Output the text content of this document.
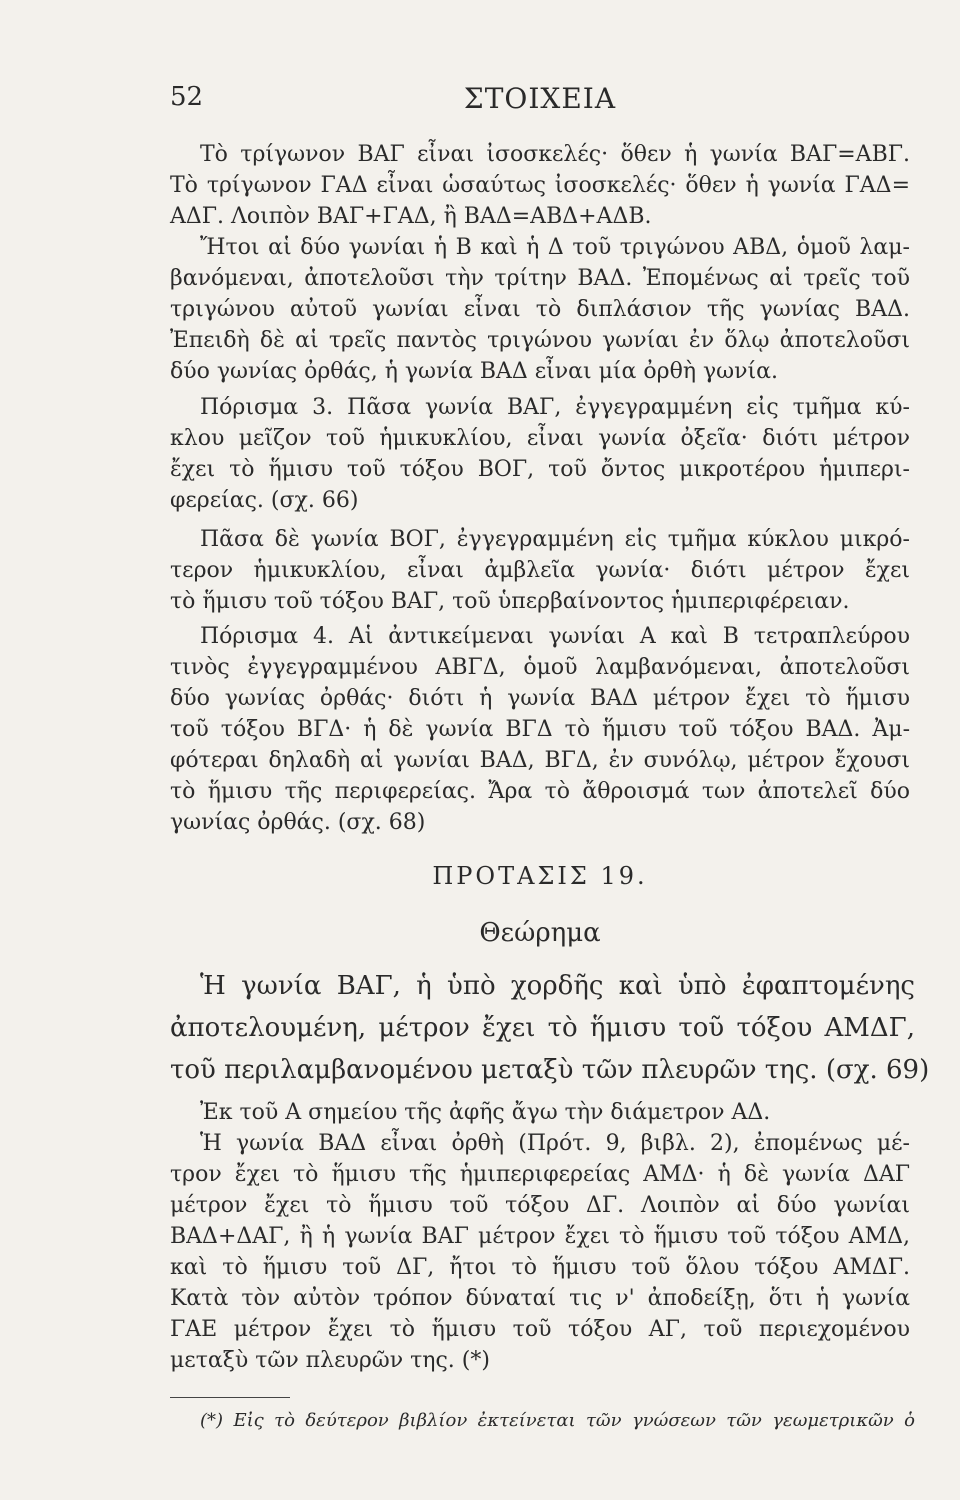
52	ΣΤΟΙΧΕΙΑ
Τὸ τρίγωνον ΒΑΓ εἶναι ἰσοσκελές· ὅθεν ἡ γωνία ΒΑΓ=ΑΒΓ.
Τὸ τρίγωνον ΓΑΔ εἶναι ὡσαύτως ἰσοσκελές· ὅθεν ἡ γωνία ΓΑΔ=
ΑΔΓ. Λοιπὸν ΒΑΓ+ΓΑΔ, ἢ ΒΑΔ=ΑΒΔ+ΑΔΒ.
Ἤτοι αἱ δύο γωνίαι ἡ Β καὶ ἡ Δ τοῦ τριγώνου ΑΒΔ, ὁμοῦ λαμ-
βανόμεναι, ἀποτελοῦσι τὴν τρίτην ΒΑΔ. Ἐπομένως αἱ τρεῖς τοῦ
τριγώνου αὐτοῦ γωνίαι εἶναι τὸ διπλάσιον τῆς γωνίας ΒΑΔ.
Ἐπειδὴ δὲ αἱ τρεῖς παντὸς τριγώνου γωνίαι ἐν ὅλῳ ἀποτελοῦσι
δύο γωνίας ὀρθάς, ἡ γωνία ΒΑΔ εἶναι μία ὀρθὴ γωνία.
Πόρισμα 3. Πᾶσα γωνία ΒΑΓ, ἐγγεγραμμένη εἰς τμῆμα κύ-
κλου μεῖζον τοῦ ἡμικυκλίου, εἶναι γωνία ὀξεῖα· διότι μέτρον
ἔχει τὸ ἥμισυ τοῦ τόξου ΒΟΓ, τοῦ ὄντος μικροτέρου ἡμιπερι-
φερείας. (σχ. 66)
Πᾶσα δὲ γωνία ΒΟΓ, ἐγγεγραμμένη εἰς τμῆμα κύκλου μικρό-
τερον ἡμικυκλίου, εἶναι ἀμβλεῖα γωνία· διότι μέτρον ἔχει
τὸ ἥμισυ τοῦ τόξου ΒΑΓ, τοῦ ὑπερβαίνοντος ἡμιπεριφέρειαν.
Πόρισμα 4. Αἱ ἀντικείμεναι γωνίαι Α καὶ Β τετραπλεύρου
τινὸς ἐγγεγραμμένου ΑΒΓΔ, ὁμοῦ λαμβανόμεναι, ἀποτελοῦσι
δύο γωνίας ὀρθάς· διότι ἡ γωνία ΒΑΔ μέτρον ἔχει τὸ ἥμισυ
τοῦ τόξου ΒΓΔ· ἡ δὲ γωνία ΒΓΔ τὸ ἥμισυ τοῦ τόξου ΒΑΔ. Ἀμ-
φότεραι δηλαδὴ αἱ γωνίαι ΒΑΔ, ΒΓΔ, ἐν συνόλῳ, μέτρον ἔχουσι
τὸ ἥμισυ τῆς περιφερείας. Ἄρα τὸ ἄθροισμά των ἀποτελεῖ δύο
γωνίας ὀρθάς. (σχ. 68)
ΠΡΟΤΑΣΙΣ 19.
Θεώρημα
Ἡ γωνία ΒΑΓ, ἡ ὑπὸ χορδῆς καὶ ὑπὸ ἐφαπτομένης
ἀποτελουμένη, μέτρον ἔχει τὸ ἥμισυ τοῦ τόξου ΑΜΔΓ,
τοῦ περιλαμβανομένου μεταξὺ τῶν πλευρῶν της. (σχ. 69)
Ἐκ τοῦ Α σημείου τῆς ἀφῆς ἄγω τὴν διάμετρον ΑΔ.
Ἡ γωνία ΒΑΔ εἶναι ὀρθὴ (Πρότ. 9, βιβλ. 2), ἐπομένως μέ-
τρον ἔχει τὸ ἥμισυ τῆς ἡμιπεριφερείας ΑΜΔ· ἡ δὲ γωνία ΔΑΓ
μέτρον ἔχει τὸ ἥμισυ τοῦ τόξου ΔΓ. Λοιπὸν αἱ δύο γωνίαι
ΒΑΔ+ΔΑΓ, ἢ ἡ γωνία ΒΑΓ μέτρον ἔχει τὸ ἥμισυ τοῦ τόξου ΑΜΔ,
καὶ τὸ ἥμισυ τοῦ ΔΓ, ἤτοι τὸ ἥμισυ τοῦ ὅλου τόξου ΑΜΔΓ.
Κατὰ τὸν αὐτὸν τρόπον δύναταί τις ν' ἀποδείξῃ, ὅτι ἡ γωνία
ΓΑΕ μέτρον ἔχει τὸ ἥμισυ τοῦ τόξου ΑΓ, τοῦ περιεχομένου
μεταξὺ τῶν πλευρῶν της. (*)
(*) Εἰς τὸ δεύτερον βιβλίον ἐκτείνεται τῶν γνώσεων τῶν γεωμετρικῶν ὁ
